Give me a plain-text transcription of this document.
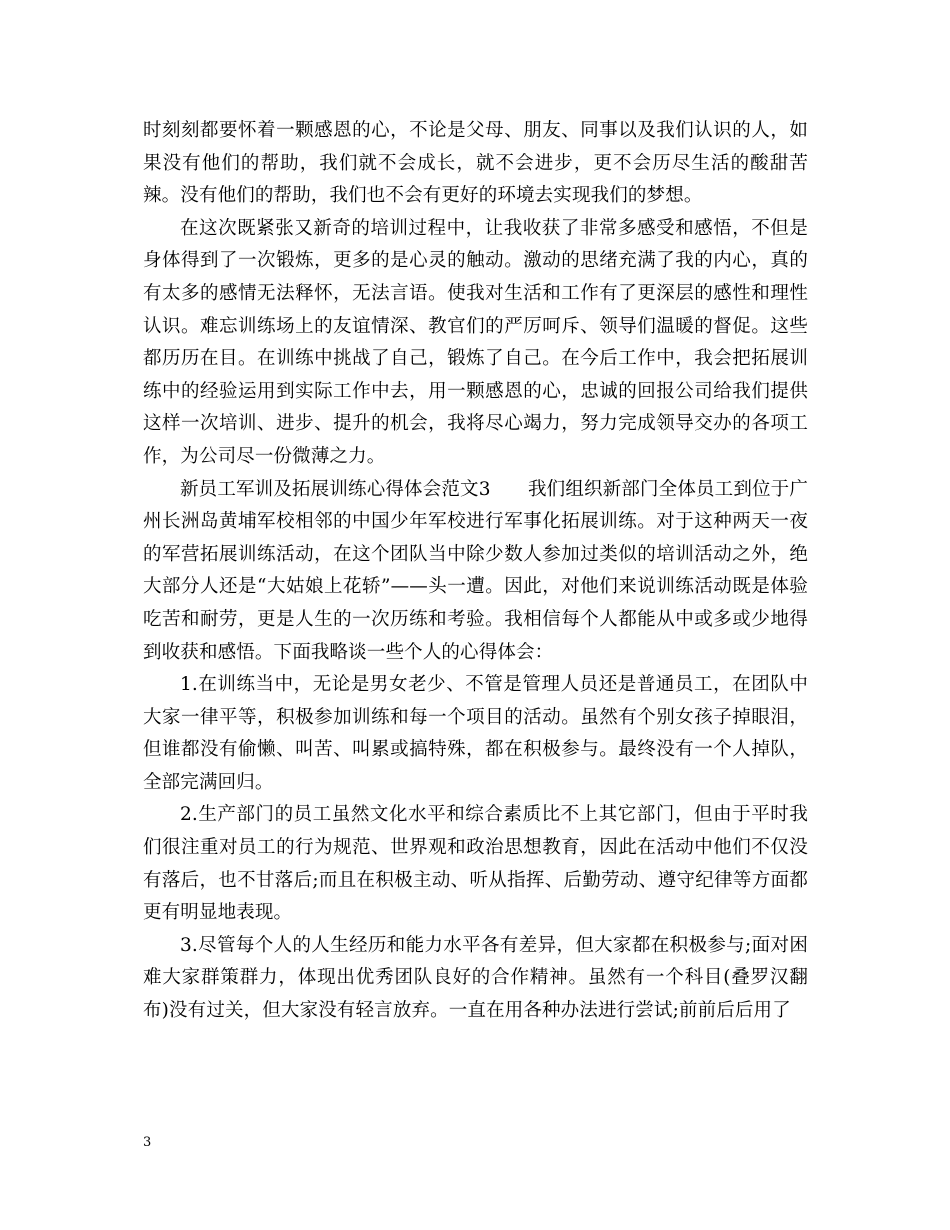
时刻刻都要怀着一颗感恩的心，不论是父母、朋友、同事以及我们认识的人，如果没有他们的帮助，我们就不会成长，就不会进步，更不会历尽生活的酸甜苦辣。没有他们的帮助，我们也不会有更好的环境去实现我们的梦想。

在这次既紧张又新奇的培训过程中，让我收获了非常多感受和感悟，不但是身体得到了一次锻炼，更多的是心灵的触动。激动的思绪充满了我的内心，真的有太多的感情无法释怀，无法言语。使我对生活和工作有了更深层的感性和理性认识。难忘训练场上的友谊情深、教官们的严厉呵斥、领导们温暖的督促。这些都历历在目。在训练中挑战了自己，锻炼了自己。在今后工作中，我会把拓展训练中的经验运用到实际工作中去，用一颗感恩的心，忠诚的回报公司给我们提供这样一次培训、进步、提升的机会，我将尽心竭力，努力完成领导交办的各项工作，为公司尽一份微薄之力。

新员工军训及拓展训练心得体会范文3　　我们组织新部门全体员工到位于广州长洲岛黄埔军校相邻的中国少年军校进行军事化拓展训练。对于这种两天一夜的军营拓展训练活动，在这个团队当中除少数人参加过类似的培训活动之外，绝大部分人还是“大姑娘上花轿”——头一遭。因此，对他们来说训练活动既是体验吃苦和耐劳，更是人生的一次历练和考验。我相信每个人都能从中或多或少地得到收获和感悟。下面我略谈一些个人的心得体会：

1.在训练当中，无论是男女老少、不管是管理人员还是普通员工，在团队中大家一律平等，积极参加训练和每一个项目的活动。虽然有个别女孩子掉眼泪，但谁都没有偷懒、叫苦、叫累或搞特殊，都在积极参与。最终没有一个人掉队，全部完满回归。

2.生产部门的员工虽然文化水平和综合素质比不上其它部门，但由于平时我们很注重对员工的行为规范、世界观和政治思想教育，因此在活动中他们不仅没有落后，也不甘落后;而且在积极主动、听从指挥、后勤劳动、遵守纪律等方面都更有明显地表现。

3.尽管每个人的人生经历和能力水平各有差异，但大家都在积极参与;面对困难大家群策群力，体现出优秀团队良好的合作精神。虽然有一个科目(叠罗汉翻布)没有过关，但大家没有轻言放弃。一直在用各种办法进行尝试;前前后后用了

3
